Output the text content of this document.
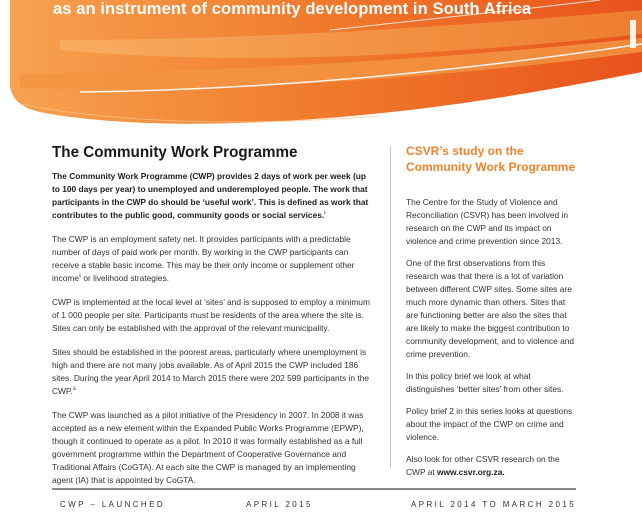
as an instrument of community development in South Africa
The Community Work Programme

The Community Work Programme (CWP) provides 2 days of work per week (up to 100 days per year) to unemployed and underemployed people. The work that participants in the CWP do should be ‘useful work’. This is defined as work that contributes to the public good, community goods or social services.$^i$

The CWP is an employment safety net. It provides participants with a predictable number of days of paid work per month. By working in the CWP participants can receive a stable basic income. This may be their only income or supplement other income$^{ii}$ or livelihood strategies.

CWP is implemented at the local level at ‘sites’ and is supposed to employ a minimum of 1 000 people per site. Participants must be residents of the area where the site is. Sites can only be established with the approval of the relevant municipality.

Sites should be established in the poorest areas, particularly where unemployment is high and there are not many jobs available. As of April 2015 the CWP included 186 sites. During the year April 2014 to March 2015 there were 202 599 participants in the CWP.$^{iii}$

The CWP was launched as a pilot initiative of the Presidency in 2007. In 2008 it was accepted as a new element within the Expanded Public Works Programme (EPWP), though it continued to operate as a pilot. In 2010 it was formally established as a full government programme within the Department of Cooperative Governance and Traditional Affairs (CoGTA). At each site the CWP is managed by an implementing agent (IA) that is appointed by CoGTA.

CSVR’s study on the Community Work Programme

The Centre for the Study of Violence and Reconciliation (CSVR) has been involved in research on the CWP and its impact on violence and crime prevention since 2013.

One of the first observations from this research was that there is a lot of variation between different CWP sites. Some sites are much more dynamic than others. Sites that are functioning better are also the sites that are likely to make the biggest contribution to community development, and to violence and crime prevention.

In this policy brief we look at what distinguishes ‘better sites’ from other sites.

Policy brief 2 in this series looks at questions about the impact of the CWP on crime and violence.

Also look for other CSVR research on the CWP at www.csvr.org.za.

CWP – LAUNCHED	APRIL 2015	APRIL 2014 TO MARCH 2015
